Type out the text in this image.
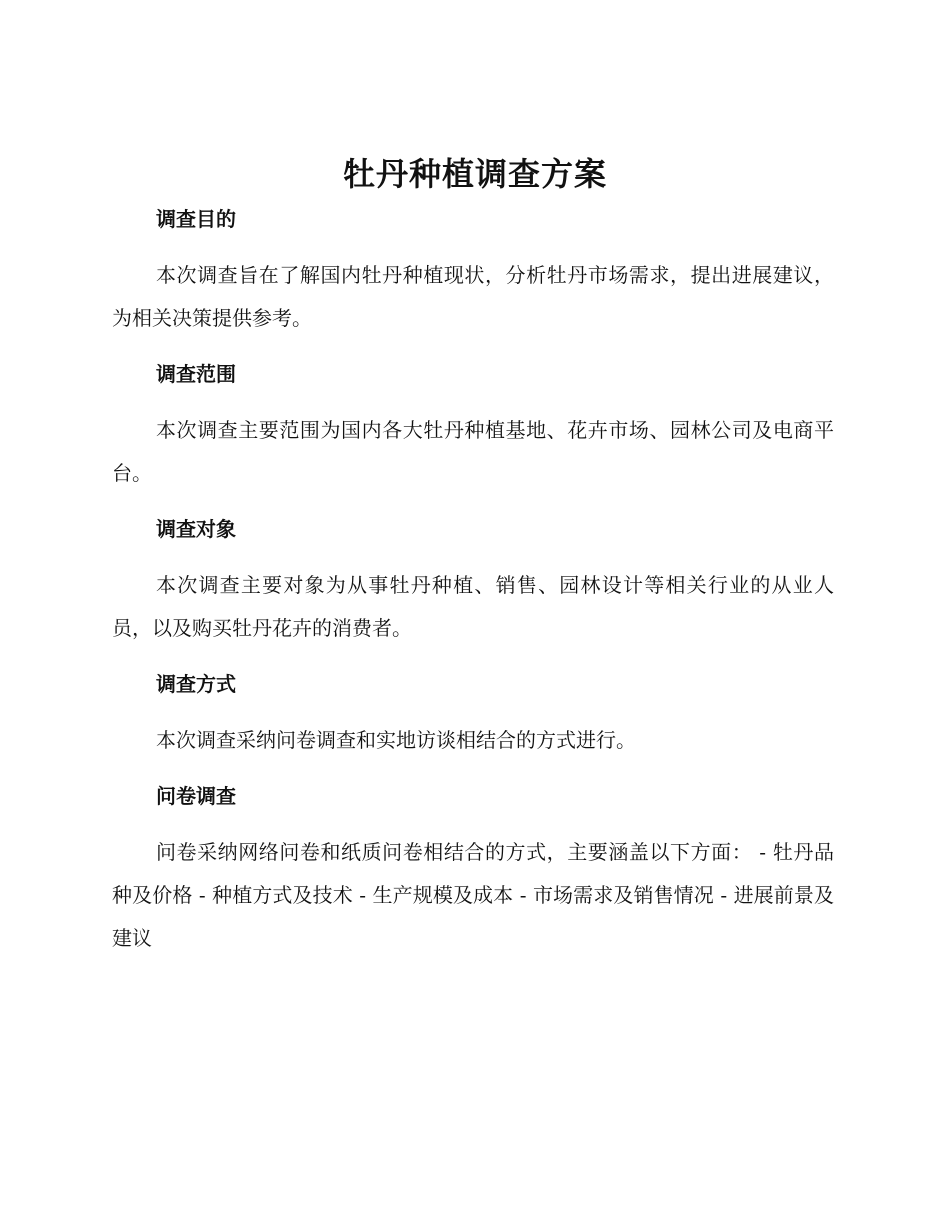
牡丹种植调查方案
调查目的

本次调查旨在了解国内牡丹种植现状，分析牡丹市场需求，提出进展建议，为相关决策提供参考。

调查范围

本次调查主要范围为国内各大牡丹种植基地、花卉市场、园林公司及电商平台。

调查对象

本次调查主要对象为从事牡丹种植、销售、园林设计等相关行业的从业人员，以及购买牡丹花卉的消费者。

调查方式

本次调查采纳问卷调查和实地访谈相结合的方式进行。

问卷调查

问卷采纳网络问卷和纸质问卷相结合的方式，主要涵盖以下方面： - 牡丹品种及价格 - 种植方式及技术 - 生产规模及成本 - 市场需求及销售情况 - 进展前景及建议
